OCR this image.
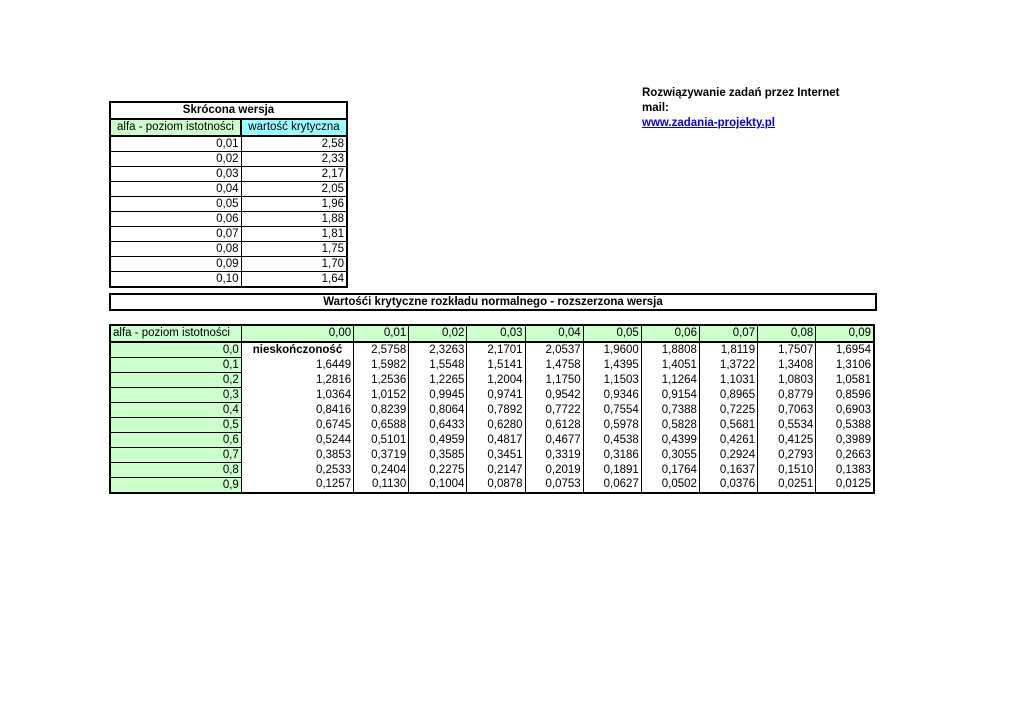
Rozwiązywanie zadań przez Internet
mail:
www.zadania-projekty.pl
Skrócona wersja	
alfa - poziom istotności	wartość krytyczna
0,01	2,58
0,02	2,33
0,03	2,17
0,04	2,05
0,05	1,96
0,06	1,88
0,07	1,81
0,08	1,75
0,09	1,70
0,10	1,64
Wartośći krytyczne rozkładu normalnego - rozszerzona wersja
alfa - poziom istotności	0,00	0,01	0,02	0,03	0,04	0,05	0,06	0,07	0,08	0,09
0,0	nieskończoność	2,5758	2,3263	2,1701	2,0537	1,9600	1,8808	1,8119	1,7507	1,6954
0,1	1,6449	1,5982	1,5548	1,5141	1,4758	1,4395	1,4051	1,3722	1,3408	1,3106
0,2	1,2816	1,2536	1,2265	1,2004	1,1750	1,1503	1,1264	1,1031	1,0803	1,0581
0,3	1,0364	1,0152	0,9945	0,9741	0,9542	0,9346	0,9154	0,8965	0,8779	0,8596
0,4	0,8416	0,8239	0,8064	0,7892	0,7722	0,7554	0,7388	0,7225	0,7063	0,6903
0,5	0,6745	0,6588	0,6433	0,6280	0,6128	0,5978	0,5828	0,5681	0,5534	0,5388
0,6	0,5244	0,5101	0,4959	0,4817	0,4677	0,4538	0,4399	0,4261	0,4125	0,3989
0,7	0,3853	0,3719	0,3585	0,3451	0,3319	0,3186	0,3055	0,2924	0,2793	0,2663
0,8	0,2533	0,2404	0,2275	0,2147	0,2019	0,1891	0,1764	0,1637	0,1510	0,1383
0,9	0,1257	0,1130	0,1004	0,0878	0,0753	0,0627	0,0502	0,0376	0,0251	0,0125
